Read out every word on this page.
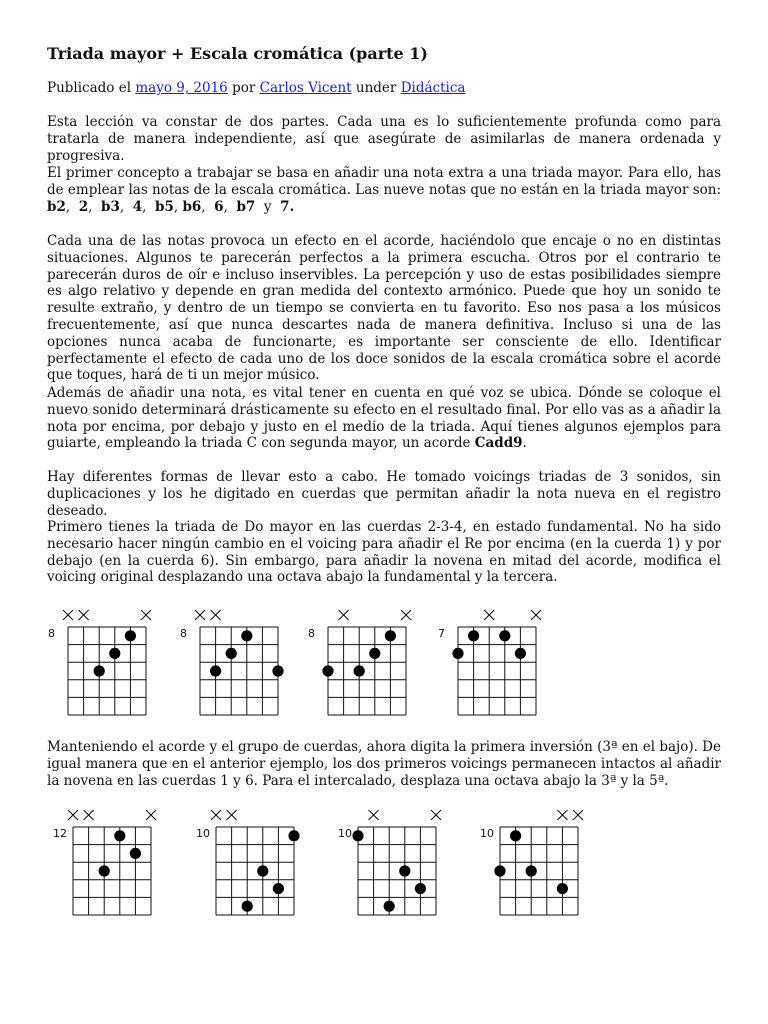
Triada mayor + Escala cromática (parte 1)

Publicado el mayo 9, 2016 por Carlos Vicent under Didáctica

Esta lección va constar de dos partes. Cada una es lo suficientemente profunda como para tratarla de manera independiente, así que asegúrate de asimilarlas de manera ordenada y progresiva.

El primer concepto a trabajar se basa en añadir una nota extra a una triada mayor. Para ello, has de emplear las notas de la escala cromática. Las nueve notas que no están en la triada mayor son: b2,  2,  b3,  4,  b5, b6,  6,  b7 y 7.

Cada una de las notas provoca un efecto en el acorde, haciéndolo que encaje o no en distintas situaciones. Algunos te parecerán perfectos a la primera escucha. Otros por el contrario te parecerán duros de oír e incluso inservibles. La percepción y uso de estas posibilidades siempre es algo relativo y depende en gran medida del contexto armónico. Puede que hoy un sonido te resulte extraño, y dentro de un tiempo se convierta en tu favorito. Eso nos pasa a los músicos frecuentemente, así que nunca descartes nada de manera definitiva. Incluso si una de las opciones nunca acaba de funcionarte, es importante ser consciente de ello. Identificar perfectamente el efecto de cada uno de los doce sonidos de la escala cromática sobre el acorde que toques, hará de ti un mejor músico.

Además de añadir una nota, es vital tener en cuenta en qué voz se ubica. Dónde se coloque el nuevo sonido determinará drásticamente su efecto en el resultado final. Por ello vas as a añadir la nota por encima, por debajo y justo en el medio de la triada. Aquí tienes algunos ejemplos para guiarte, empleando la triada C con segunda mayor, un acorde Cadd9.

Hay diferentes formas de llevar esto a cabo. He tomado voicings triadas de 3 sonidos, sin duplicaciones y los he digitado en cuerdas que permitan añadir la nota nueva en el registro deseado.

Primero tienes la triada de Do mayor en las cuerdas 2-3-4, en estado fundamental. No ha sido necesario hacer ningún cambio en el voicing para añadir el Re por encima (en la cuerda 1) y por debajo (en la cuerda 6). Sin embargo, para añadir la novena en mitad del acorde, modifica el voicing original desplazando una octava abajo la fundamental y la tercera.

8	8	8	7

Manteniendo el acorde y el grupo de cuerdas, ahora digita la primera inversión (3ª en el bajo). De igual manera que en el anterior ejemplo, los dos primeros voicings permanecen intactos al añadir la novena en las cuerdas 1 y 6. Para el intercalado, desplaza una octava abajo la 3ª y la 5ª.

12	10	10	10
